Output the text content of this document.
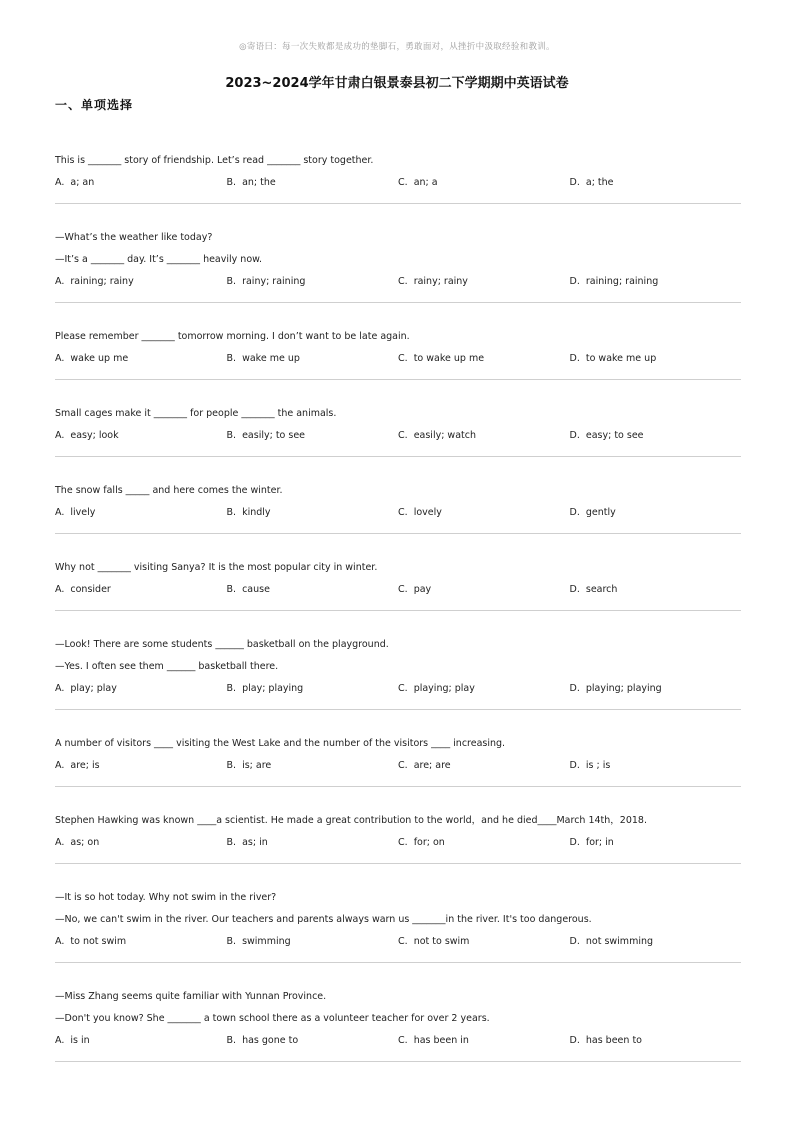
◎寄语曰：每一次失败都是成功的垫脚石，勇敢面对，从挫折中汲取经验和教训。
2023~2024学年甘肃白银景泰县初二下学期期中英语试卷
一、单项选择
This is _______ story of friendship. Let’s read _______ story together.
A.  a; an	B.  an; the	C.  an; a	D.  a; the
—What’s the weather like today?
—It’s a _______ day. It’s _______ heavily now.
A.  raining; rainy	B.  rainy; raining	C.  rainy; rainy	D.  raining; raining
Please remember _______ tomorrow morning. I don’t want to be late again.
A.  wake up me	B.  wake me up	C.  to wake up me	D.  to wake me up
Small cages make it _______ for people _______ the animals.
A.  easy; look	B.  easily; to see	C.  easily; watch	D.  easy; to see
The snow falls _____ and here comes the winter.
A.  lively	B.  kindly	C.  lovely	D.  gently
Why not _______ visiting Sanya? It is the most popular city in winter.
A.  consider	B.  cause	C.  pay	D.  search
—Look! There are some students ______ basketball on the playground.
—Yes. I often see them ______ basketball there.
A.  play; play	B.  play; playing	C.  playing; play	D.  playing; playing
A number of visitors ____ visiting the West Lake and the number of the visitors ____ increasing.
A.  are; is	B.  is; are	C.  are; are	D.  is ; is
Stephen Hawking was known ____a scientist. He made a great contribution to the world，and he died____March 14th，2018.
A.  as; on	B.  as; in	C.  for; on	D.  for; in
—It is so hot today. Why not swim in the river?
—No, we can't swim in the river. Our teachers and parents always warn us _______in the river. It's too dangerous.
A.  to not swim	B.  swimming	C.  not to swim	D.  not swimming
—Miss Zhang seems quite familiar with Yunnan Province.
—Don't you know? She _______ a town school there as a volunteer teacher for over 2 years.
A.  is in	B.  has gone to	C.  has been in	D.  has been to
